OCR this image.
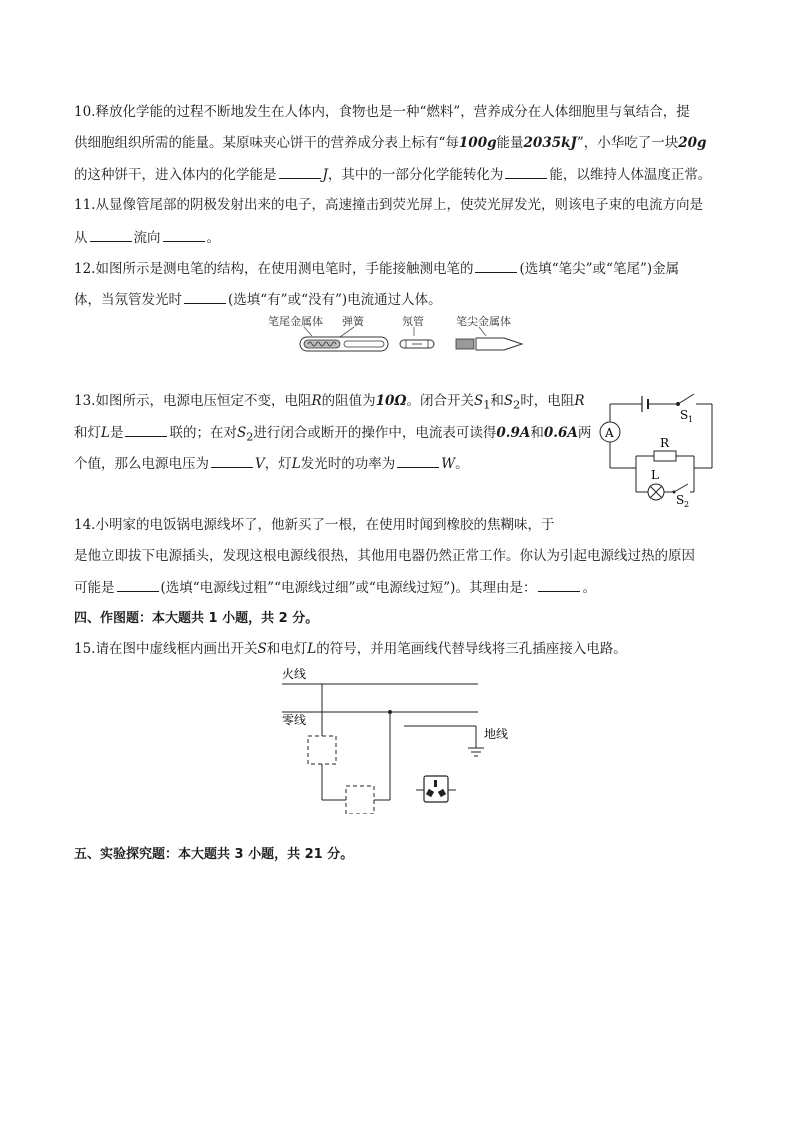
10.释放化学能的过程不断地发生在人体内，食物也是一种“燃料”，营养成分在人体细胞里与氧结合，提
供细胞组织所需的能量。某原味夹心饼干的营养成分表上标有“每100g能量2035kJ”，小华吃了一块20g
的这种饼干，进入体内的化学能是	J，其中的一部分化学能转化为	能，以维持人体温度正常。
11.从显像管尾部的阴极发射出来的电子，高速撞击到荧光屏上，使荧光屏发光，则该电子束的电流方向是
从	流向	。
12.如图所示是测电笔的结构，在使用测电笔时，手能接触测电笔的	(选填“笔尖”或“笔尾”)金属
体，当氖管发光时	(选填“有”或“没有”)电流通过人体。
笔尾金属体 弹簧	氖管	笔尖金属体
13.如图所示，电源电压恒定不变，电阻R的阻值为10Ω。闭合开关$S_1$和$S_2$时，电阻R
和灯L是	联的；在对$S_2$进行闭合或断开的操作中，电流表可读得0.9A和0.6A两
个值，那么电源电压为	V，灯L发光时的功率为	W。
A
S 1
R
L
S 2
14.小明家的电饭锅电源线坏了，他新买了一根，在使用时闻到橡胶的焦糊味，于
是他立即拔下电源插头，发现这根电源线很热，其他用电器仍然正常工作。你认为引起电源线过热的原因
可能是	(选填“电源线过粗”“电源线过细”或“电源线过短”)。其理由是：	。
四、作图题：本大题共 1 小题，共 2 分。
15.请在图中虚线框内画出开关S和电灯L的符号，并用笔画线代替导线将三孔插座接入电路。
火线
零线
地线
五、实验探究题：本大题共 3 小题，共 21 分。
